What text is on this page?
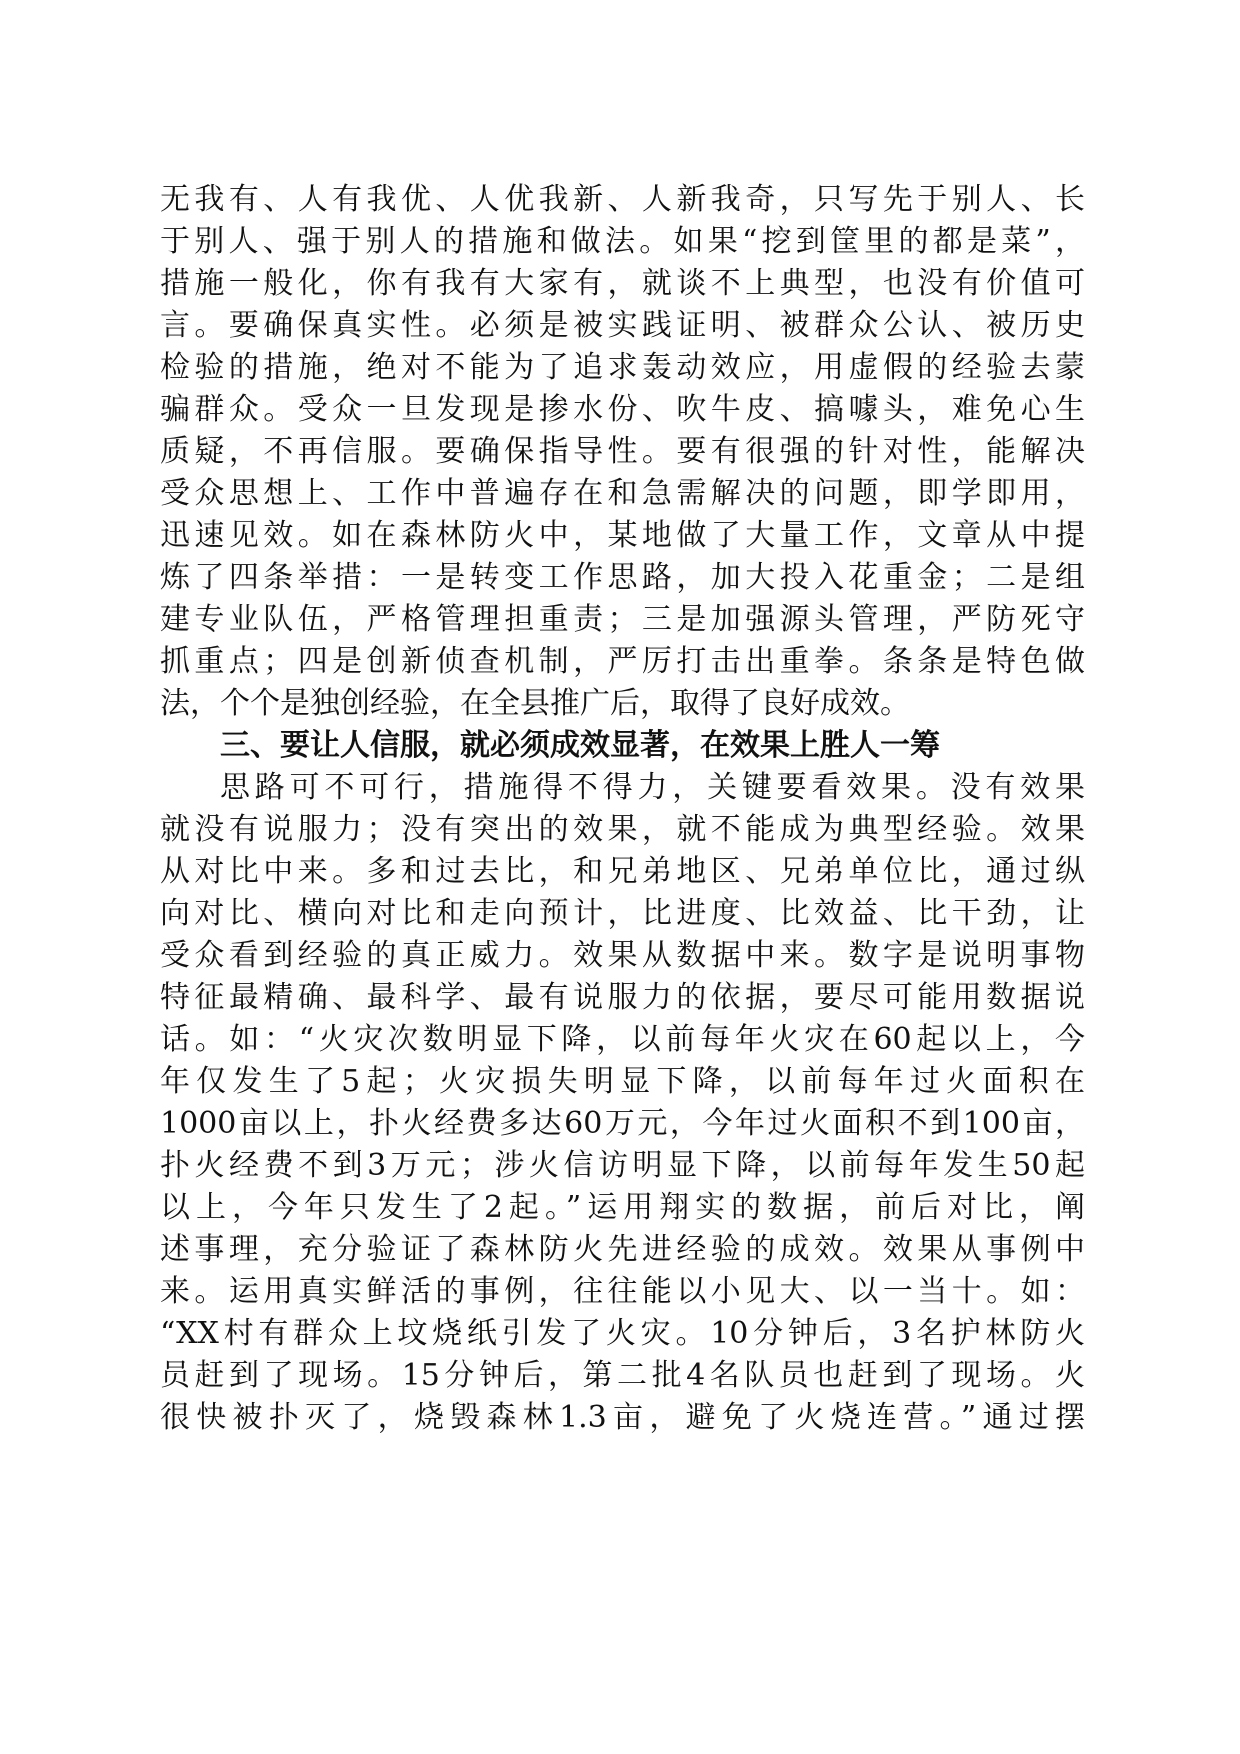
无我有、人有我优、人优我新、人新我奇，只写先于别人、长
于别人、强于别人的措施和做法。如果“挖到筐里的都是菜”，
措施一般化，你有我有大家有，就谈不上典型，也没有价值可
言。要确保真实性。必须是被实践证明、被群众公认、被历史
检验的措施，绝对不能为了追求轰动效应，用虚假的经验去蒙
骗群众。受众一旦发现是掺水份、吹牛皮、搞噱头，难免心生
质疑，不再信服。要确保指导性。要有很强的针对性，能解决
受众思想上、工作中普遍存在和急需解决的问题，即学即用，
迅速见效。如在森林防火中，某地做了大量工作，文章从中提
炼了四条举措：一是转变工作思路，加大投入花重金；二是组
建专业队伍，严格管理担重责；三是加强源头管理，严防死守
抓重点；四是创新侦查机制，严厉打击出重拳。条条是特色做
法，个个是独创经验，在全县推广后，取得了良好成效。
三、要让人信服，就必须成效显著，在效果上胜人一筹
思路可不可行，措施得不得力，关键要看效果。没有效果
就没有说服力；没有突出的效果，就不能成为典型经验。效果
从对比中来。多和过去比，和兄弟地区、兄弟单位比，通过纵
向对比、横向对比和走向预计，比进度、比效益、比干劲，让
受众看到经验的真正威力。效果从数据中来。数字是说明事物
特征最精确、最科学、最有说服力的依据，要尽可能用数据说
话。如：“火灾次数明显下降，以前每年火灾在60起以上，今
年仅发生了5起；火灾损失明显下降，以前每年过火面积在
1000亩以上，扑火经费多达60万元，今年过火面积不到100亩，
扑火经费不到3万元；涉火信访明显下降，以前每年发生50起
以上，今年只发生了2起。”运用翔实的数据，前后对比，阐
述事理，充分验证了森林防火先进经验的成效。效果从事例中
来。运用真实鲜活的事例，往往能以小见大、以一当十。如：
“XX村有群众上坟烧纸引发了火灾。10分钟后，3名护林防火
员赶到了现场。15分钟后，第二批4名队员也赶到了现场。火
很快被扑灭了，烧毁森林1.3亩，避免了火烧连营。”通过摆
